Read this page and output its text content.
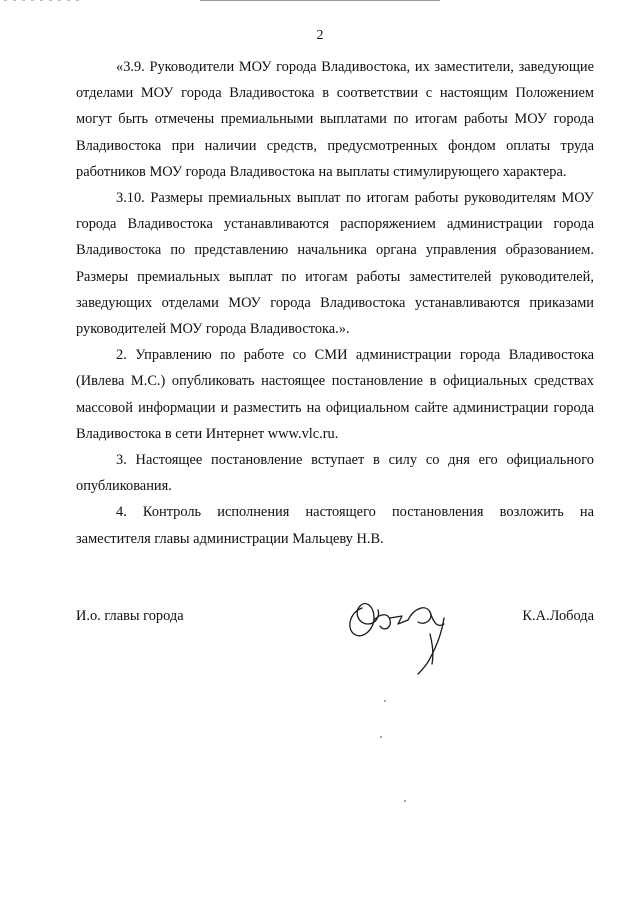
2

«3.9. Руководители МОУ города Владивостока, их заместители, заведующие отделами МОУ города Владивостока в соответствии с настоящим Положением могут быть отмечены премиальными выплатами по итогам работы МОУ города Владивостока при наличии средств, предусмотренных фондом оплаты труда работников МОУ города Владивостока на выплаты стимулирующего характера.

3.10. Размеры премиальных выплат по итогам работы руководителям МОУ города Владивостока устанавливаются распоряжением администрации города Владивостока по представлению начальника органа управления образованием. Размеры премиальных выплат по итогам работы заместителей руководителей, заведующих отделами МОУ города Владивостока устанавливаются приказами руководителей МОУ города Владивостока.».

2. Управлению по работе со СМИ администрации города Владивостока (Ивлева М.С.) опубликовать настоящее постановление в официальных средствах массовой информации и разместить на официальном сайте администрации города Владивостока в сети Интернет www.vlc.ru.

3. Настоящее постановление вступает в силу со дня его официального опубликования.

4. Контроль исполнения настоящего постановления возложить на заместителя главы администрации Мальцеву Н.В.

И.о. главы города	К.А.Лобода
